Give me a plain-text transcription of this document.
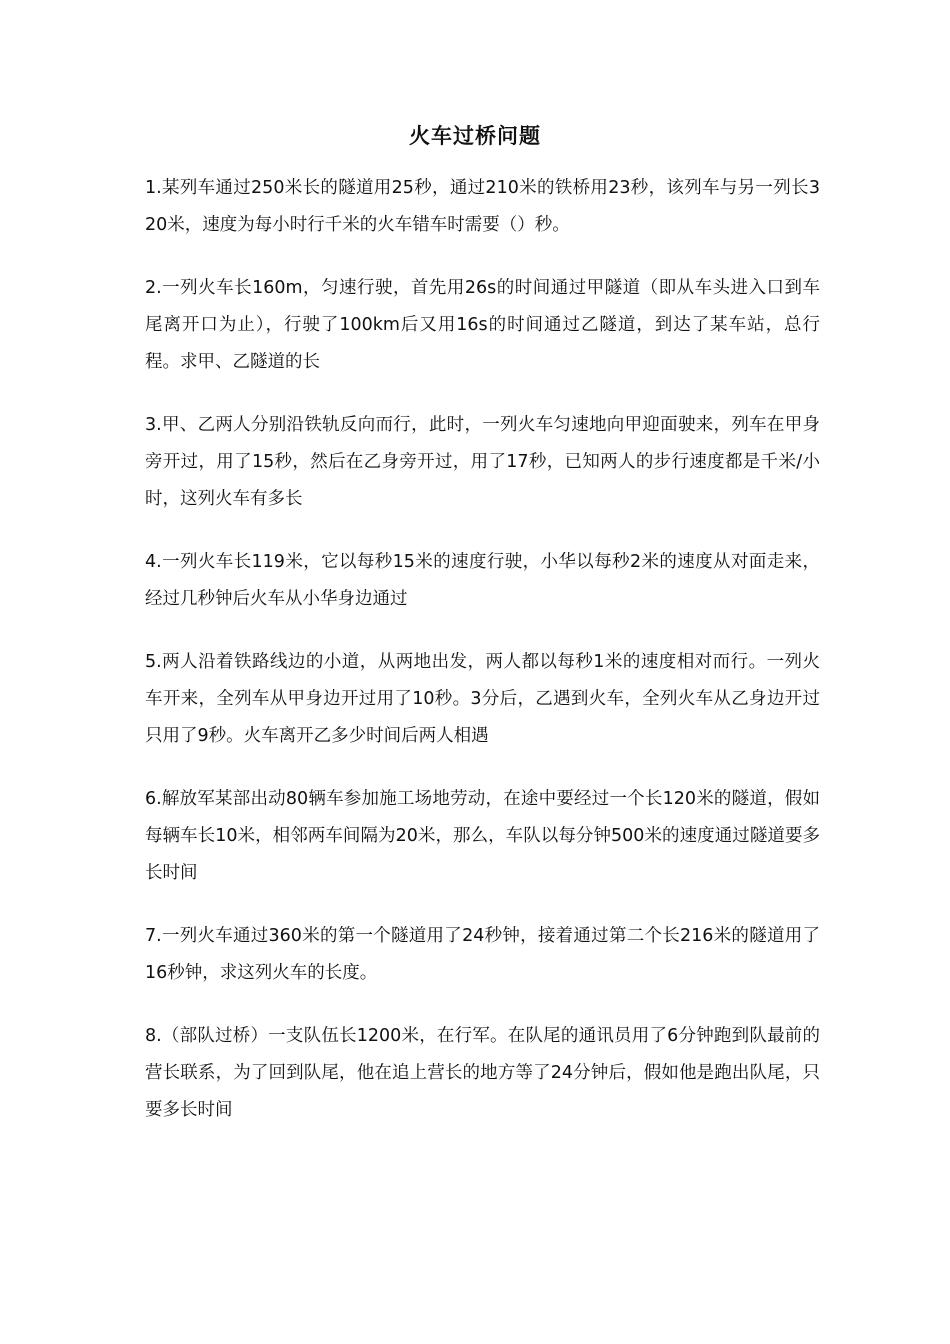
火车过桥问题

1.某列车通过250米长的隧道用25秒，通过210米的铁桥用23秒，该列车与另一列长320米，速度为每小时行千米的火车错车时需要（）秒。

2.一列火车长160m，匀速行驶，首先用26s的时间通过甲隧道（即从车头进入口到车尾离开口为止），行驶了100km后又用16s的时间通过乙隧道，到达了某车站，总行程。求甲、乙隧道的长

3.甲、乙两人分别沿铁轨反向而行，此时，一列火车匀速地向甲迎面驶来，列车在甲身旁开过，用了15秒，然后在乙身旁开过，用了17秒，已知两人的步行速度都是千米/小时，这列火车有多长

4.一列火车长119米，它以每秒15米的速度行驶，小华以每秒2米的速度从对面走来，经过几秒钟后火车从小华身边通过

5.两人沿着铁路线边的小道，从两地出发，两人都以每秒1米的速度相对而行。一列火车开来，全列车从甲身边开过用了10秒。3分后，乙遇到火车，全列火车从乙身边开过只用了9秒。火车离开乙多少时间后两人相遇

6.解放军某部出动80辆车参加施工场地劳动，在途中要经过一个长120米的隧道，假如每辆车长10米，相邻两车间隔为20米，那么，车队以每分钟500米的速度通过隧道要多长时间

7.一列火车通过360米的第一个隧道用了24秒钟，接着通过第二个长216米的隧道用了16秒钟，求这列火车的长度。

8.（部队过桥）一支队伍长1200米，在行军。在队尾的通讯员用了6分钟跑到队最前的营长联系，为了回到队尾，他在追上营长的地方等了24分钟后，假如他是跑出队尾，只要多长时间
